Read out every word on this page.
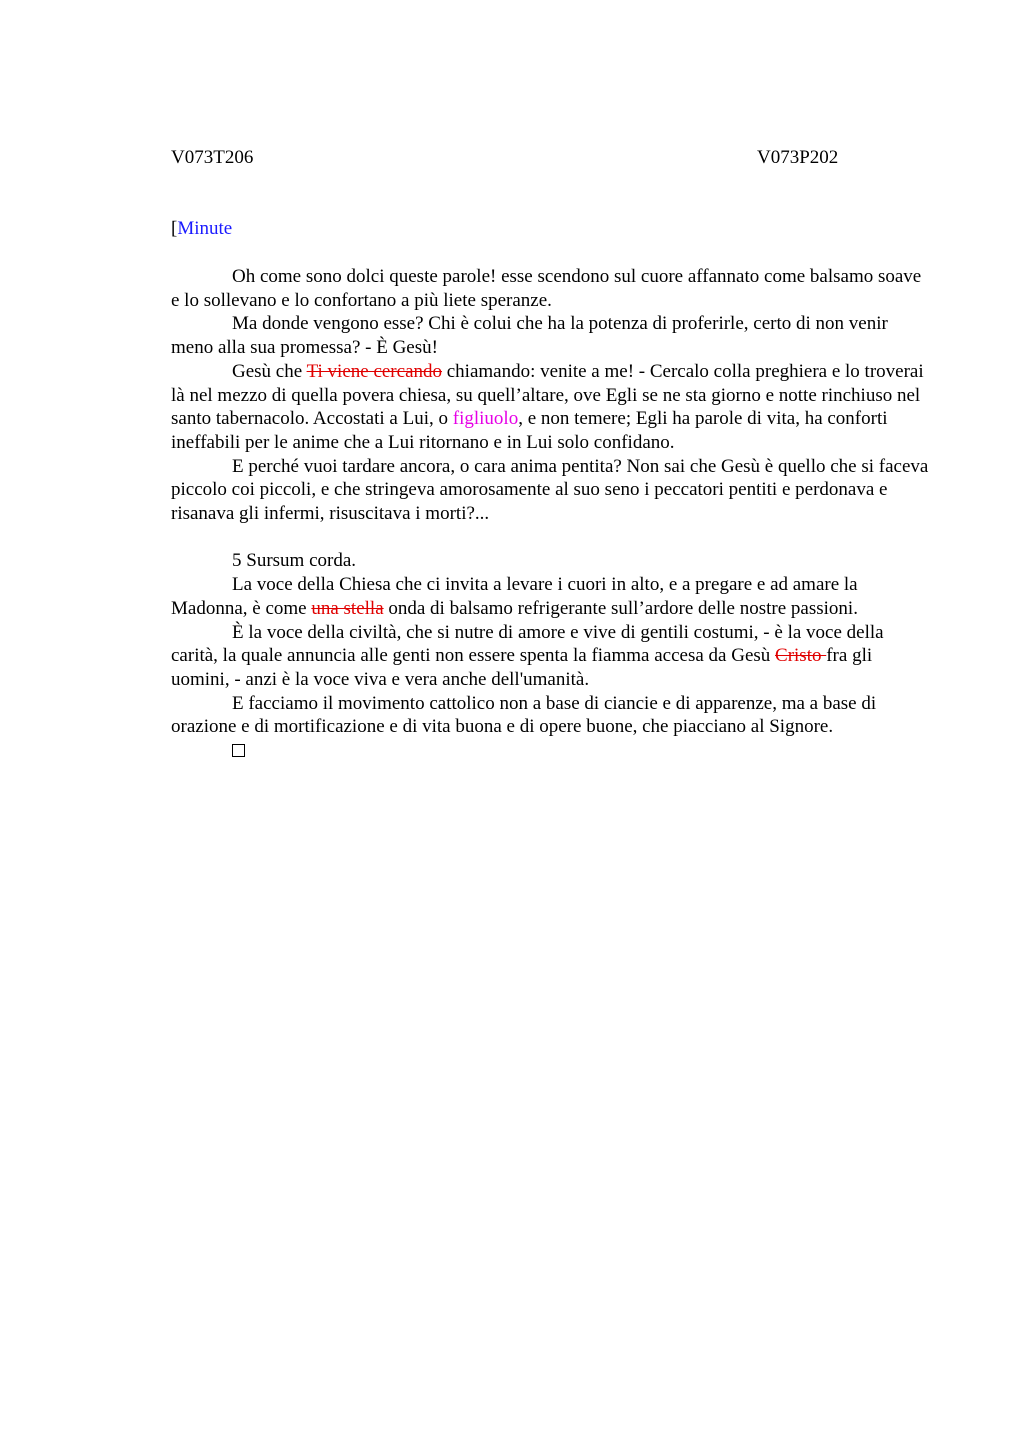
V073T206	V073P202
[Minute

Oh come sono dolci queste parole! esse scendono sul cuore affannato come balsamo soave e lo sollevano e lo confortano a più liete speranze.

Ma donde vengono esse? Chi è colui che ha la potenza di proferirle, certo di non venir meno alla sua promessa? - È Gesù!

Gesù che Ti viene cercando chiamando: venite a me! - Cercalo colla preghiera e lo troverai là nel mezzo di quella povera chiesa, su quell’altare, ove Egli se ne sta giorno e notte rinchiuso nel santo tabernacolo. Accostati a Lui, o figliuolo, e non temere; Egli ha parole di vita, ha conforti ineffabili per le anime che a Lui ritornano e in Lui solo confidano.

E perché vuoi tardare ancora, o cara anima pentita? Non sai che Gesù è quello che si faceva piccolo coi piccoli, e che stringeva amorosamente al suo seno i peccatori pentiti e perdonava e risanava gli infermi, risuscitava i morti?...

5 Sursum corda.

La voce della Chiesa che ci invita a levare i cuori in alto, e a pregare e ad amare la Madonna, è come una stella onda di balsamo refrigerante sull’ardore delle nostre passioni.

È la voce della civiltà, che si nutre di amore e vive di gentili costumi, - è la voce della carità, la quale annuncia alle genti non essere spenta la fiamma accesa da Gesù Cristo fra gli uomini, - anzi è la voce viva e vera anche dell'umanità.

E facciamo il movimento cattolico non a base di ciancie e di apparenze, ma a base di orazione e di mortificazione e di vita buona e di opere buone, che piacciano al Signore.
